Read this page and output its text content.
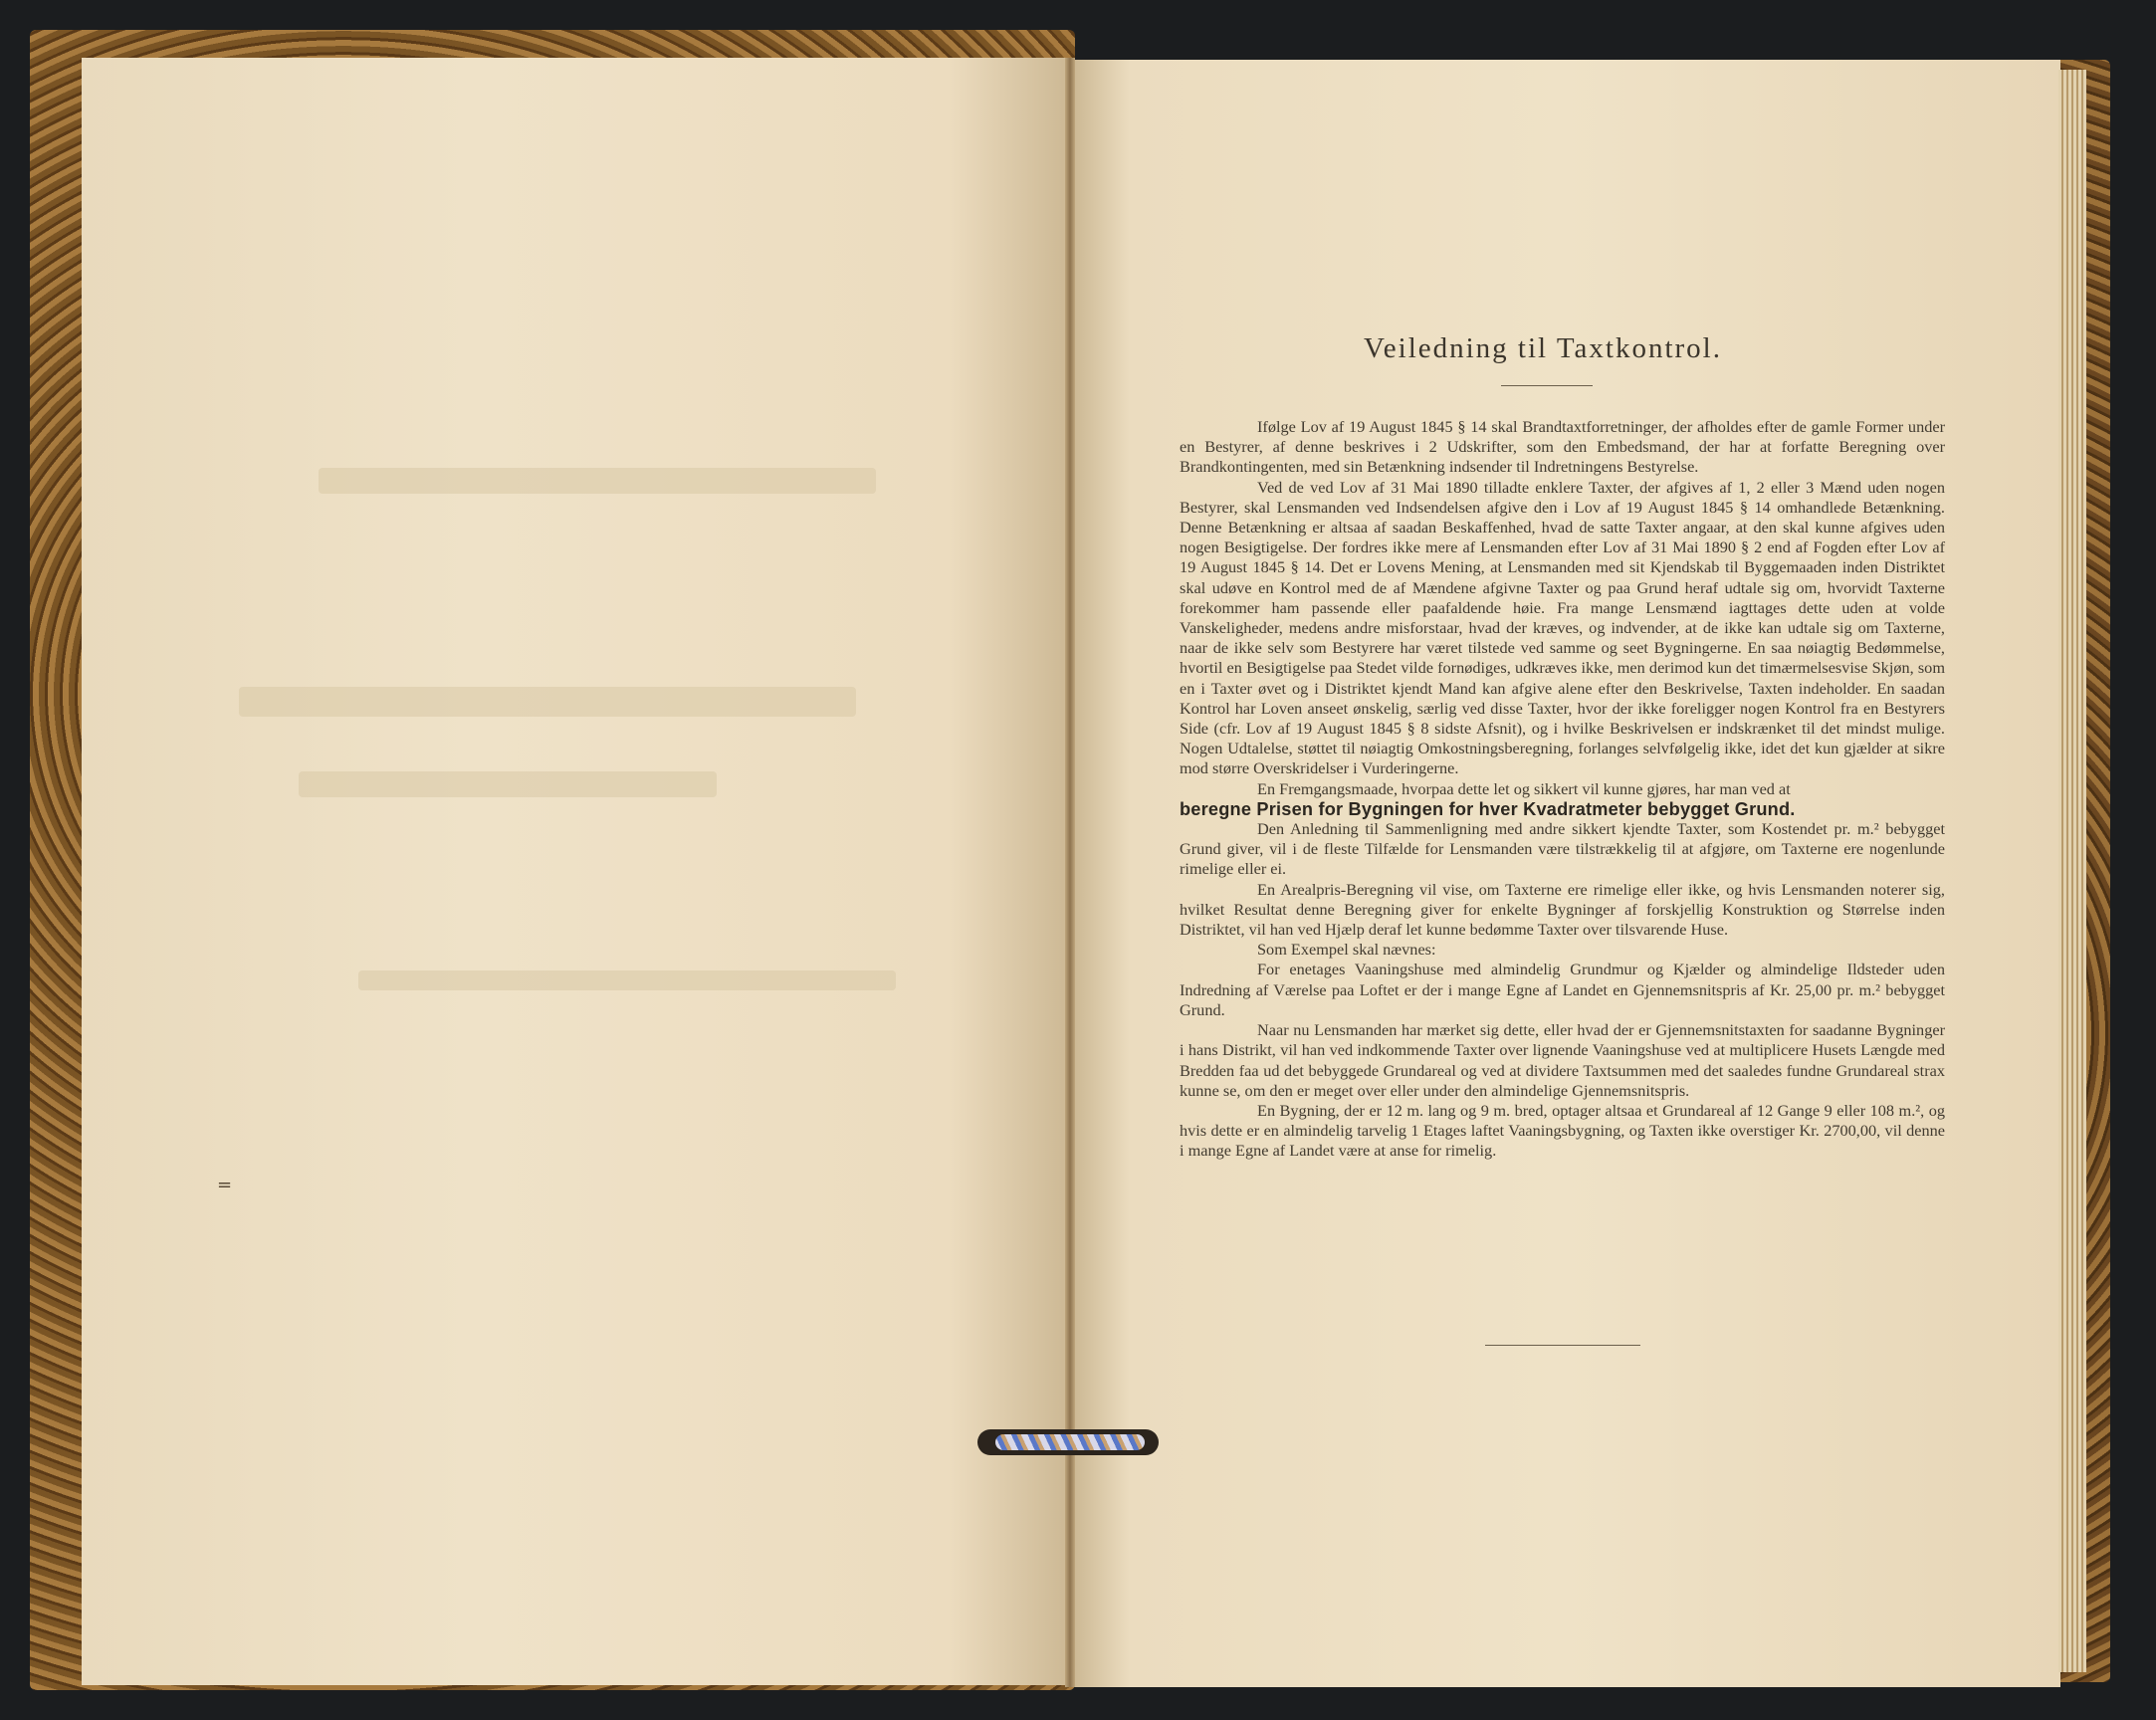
=
Veiledning til Taxtkontrol.

Ifølge Lov af 19 August 1845 § 14 skal Brandtaxtforretninger, der afholdes efter de gamle Former under en Bestyrer, af denne beskrives i 2 Udskrifter, som den Embedsmand, der har at forfatte Beregning over Brandkontingenten, med sin Betænkning indsender til Indretningens Bestyrelse.

Ved de ved Lov af 31 Mai 1890 tilladte enklere Taxter, der afgives af 1, 2 eller 3 Mænd uden nogen Bestyrer, skal Lensmanden ved Indsendelsen afgive den i Lov af 19 August 1845 § 14 omhandlede Betænkning. Denne Betænkning er altsaa af saadan Beskaffenhed, hvad de satte Taxter angaar, at den skal kunne afgives uden nogen Besigtigelse. Der fordres ikke mere af Lensmanden efter Lov af 31 Mai 1890 § 2 end af Fogden efter Lov af 19 August 1845 § 14. Det er Lovens Mening, at Lensmanden med sit Kjendskab til Byggemaaden inden Distriktet skal udøve en Kontrol med de af Mændene afgivne Taxter og paa Grund heraf udtale sig om, hvorvidt Taxterne forekommer ham passende eller paafaldende høie. Fra mange Lensmænd iagttages dette uden at volde Vanskeligheder, medens andre misforstaar, hvad der kræves, og indvender, at de ikke kan udtale sig om Taxterne, naar de ikke selv som Bestyrere har været tilstede ved samme og seet Bygningerne. En saa nøiagtig Bedømmelse, hvortil en Besigtigelse paa Stedet vilde fornødiges, udkræves ikke, men derimod kun det timærmelsesvise Skjøn, som en i Taxter øvet og i Distriktet kjendt Mand kan afgive alene efter den Beskrivelse, Taxten indeholder. En saadan Kontrol har Loven anseet ønskelig, særlig ved disse Taxter, hvor der ikke foreligger nogen Kontrol fra en Bestyrers Side (cfr. Lov af 19 August 1845 § 8 sidste Afsnit), og i hvilke Beskrivelsen er indskrænket til det mindst mulige. Nogen Udtalelse, støttet til nøiagtig Omkostningsberegning, forlanges selvfølgelig ikke, idet det kun gjælder at sikre mod større Overskridelser i Vurderingerne.

En Fremgangsmaade, hvorpaa dette let og sikkert vil kunne gjøres, har man ved at

beregne Prisen for Bygningen for hver Kvadratmeter bebygget Grund.

Den Anledning til Sammenligning med andre sikkert kjendte Taxter, som Kostendet pr. m.² bebygget Grund giver, vil i de fleste Tilfælde for Lensmanden være tilstrækkelig til at afgjøre, om Taxterne ere nogenlunde rimelige eller ei.

En Arealpris-Beregning vil vise, om Taxterne ere rimelige eller ikke, og hvis Lensmanden noterer sig, hvilket Resultat denne Beregning giver for enkelte Bygninger af forskjellig Konstruktion og Størrelse inden Distriktet, vil han ved Hjælp deraf let kunne bedømme Taxter over tilsvarende Huse.

Som Exempel skal nævnes:

For enetages Vaaningshuse med almindelig Grundmur og Kjælder og almindelige Ildsteder uden Indredning af Værelse paa Loftet er der i mange Egne af Landet en Gjennemsnitspris af Kr. 25,00 pr. m.² bebygget Grund.

Naar nu Lensmanden har mærket sig dette, eller hvad der er Gjennemsnitstaxten for saadanne Bygninger i hans Distrikt, vil han ved indkommende Taxter over lignende Vaaningshuse ved at multiplicere Husets Længde med Bredden faa ud det bebyggede Grundareal og ved at dividere Taxtsummen med det saaledes fundne Grundareal strax kunne se, om den er meget over eller under den almindelige Gjennemsnitspris.

En Bygning, der er 12 m. lang og 9 m. bred, optager altsaa et Grundareal af 12 Gange 9 eller 108 m.², og hvis dette er en almindelig tarvelig 1 Etages laftet Vaaningsbygning, og Taxten ikke overstiger Kr. 2700,00, vil denne i mange Egne af Landet være at anse for rimelig.
